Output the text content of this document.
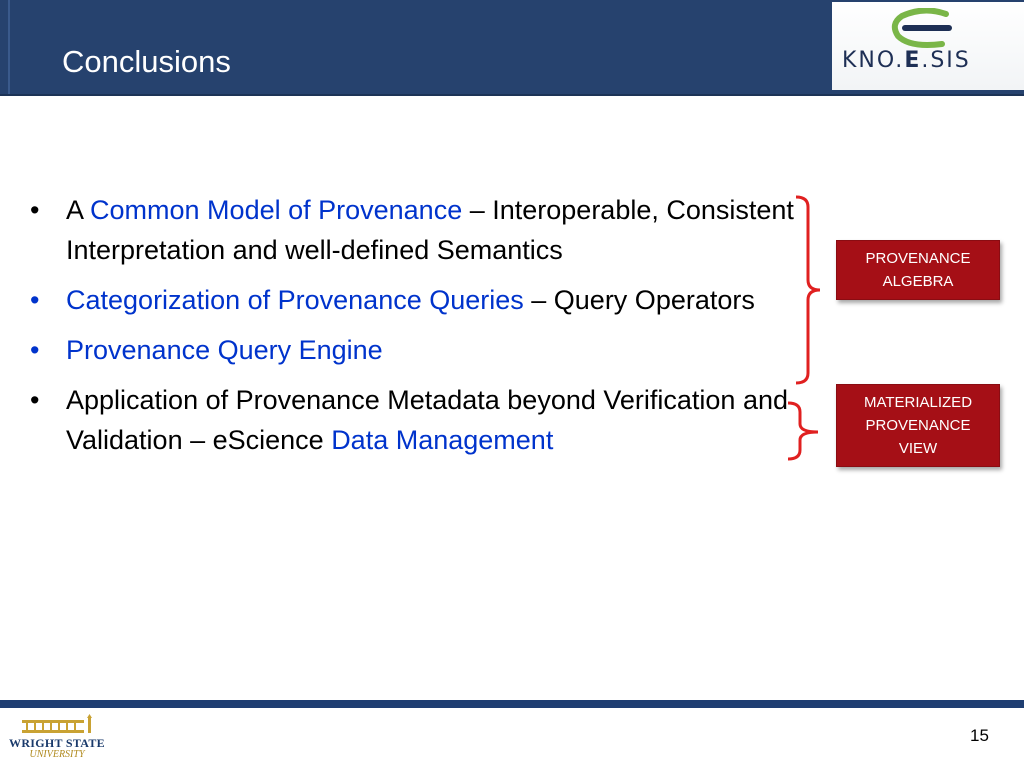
Conclusions	KNO.E.SIS
• A Common Model of Provenance – Interoperable, Consistent Interpretation and well-defined Semantics
• Categorization of Provenance Queries – Query Operators
• Provenance Query Engine
• Application of Provenance Metadata beyond Verification and Validation – eScience Data Management
PROVENANCE
ALGEBRA
MATERIALIZED
PROVENANCE
VIEW
WRIGHT STATE
UNIVERSITY
15
